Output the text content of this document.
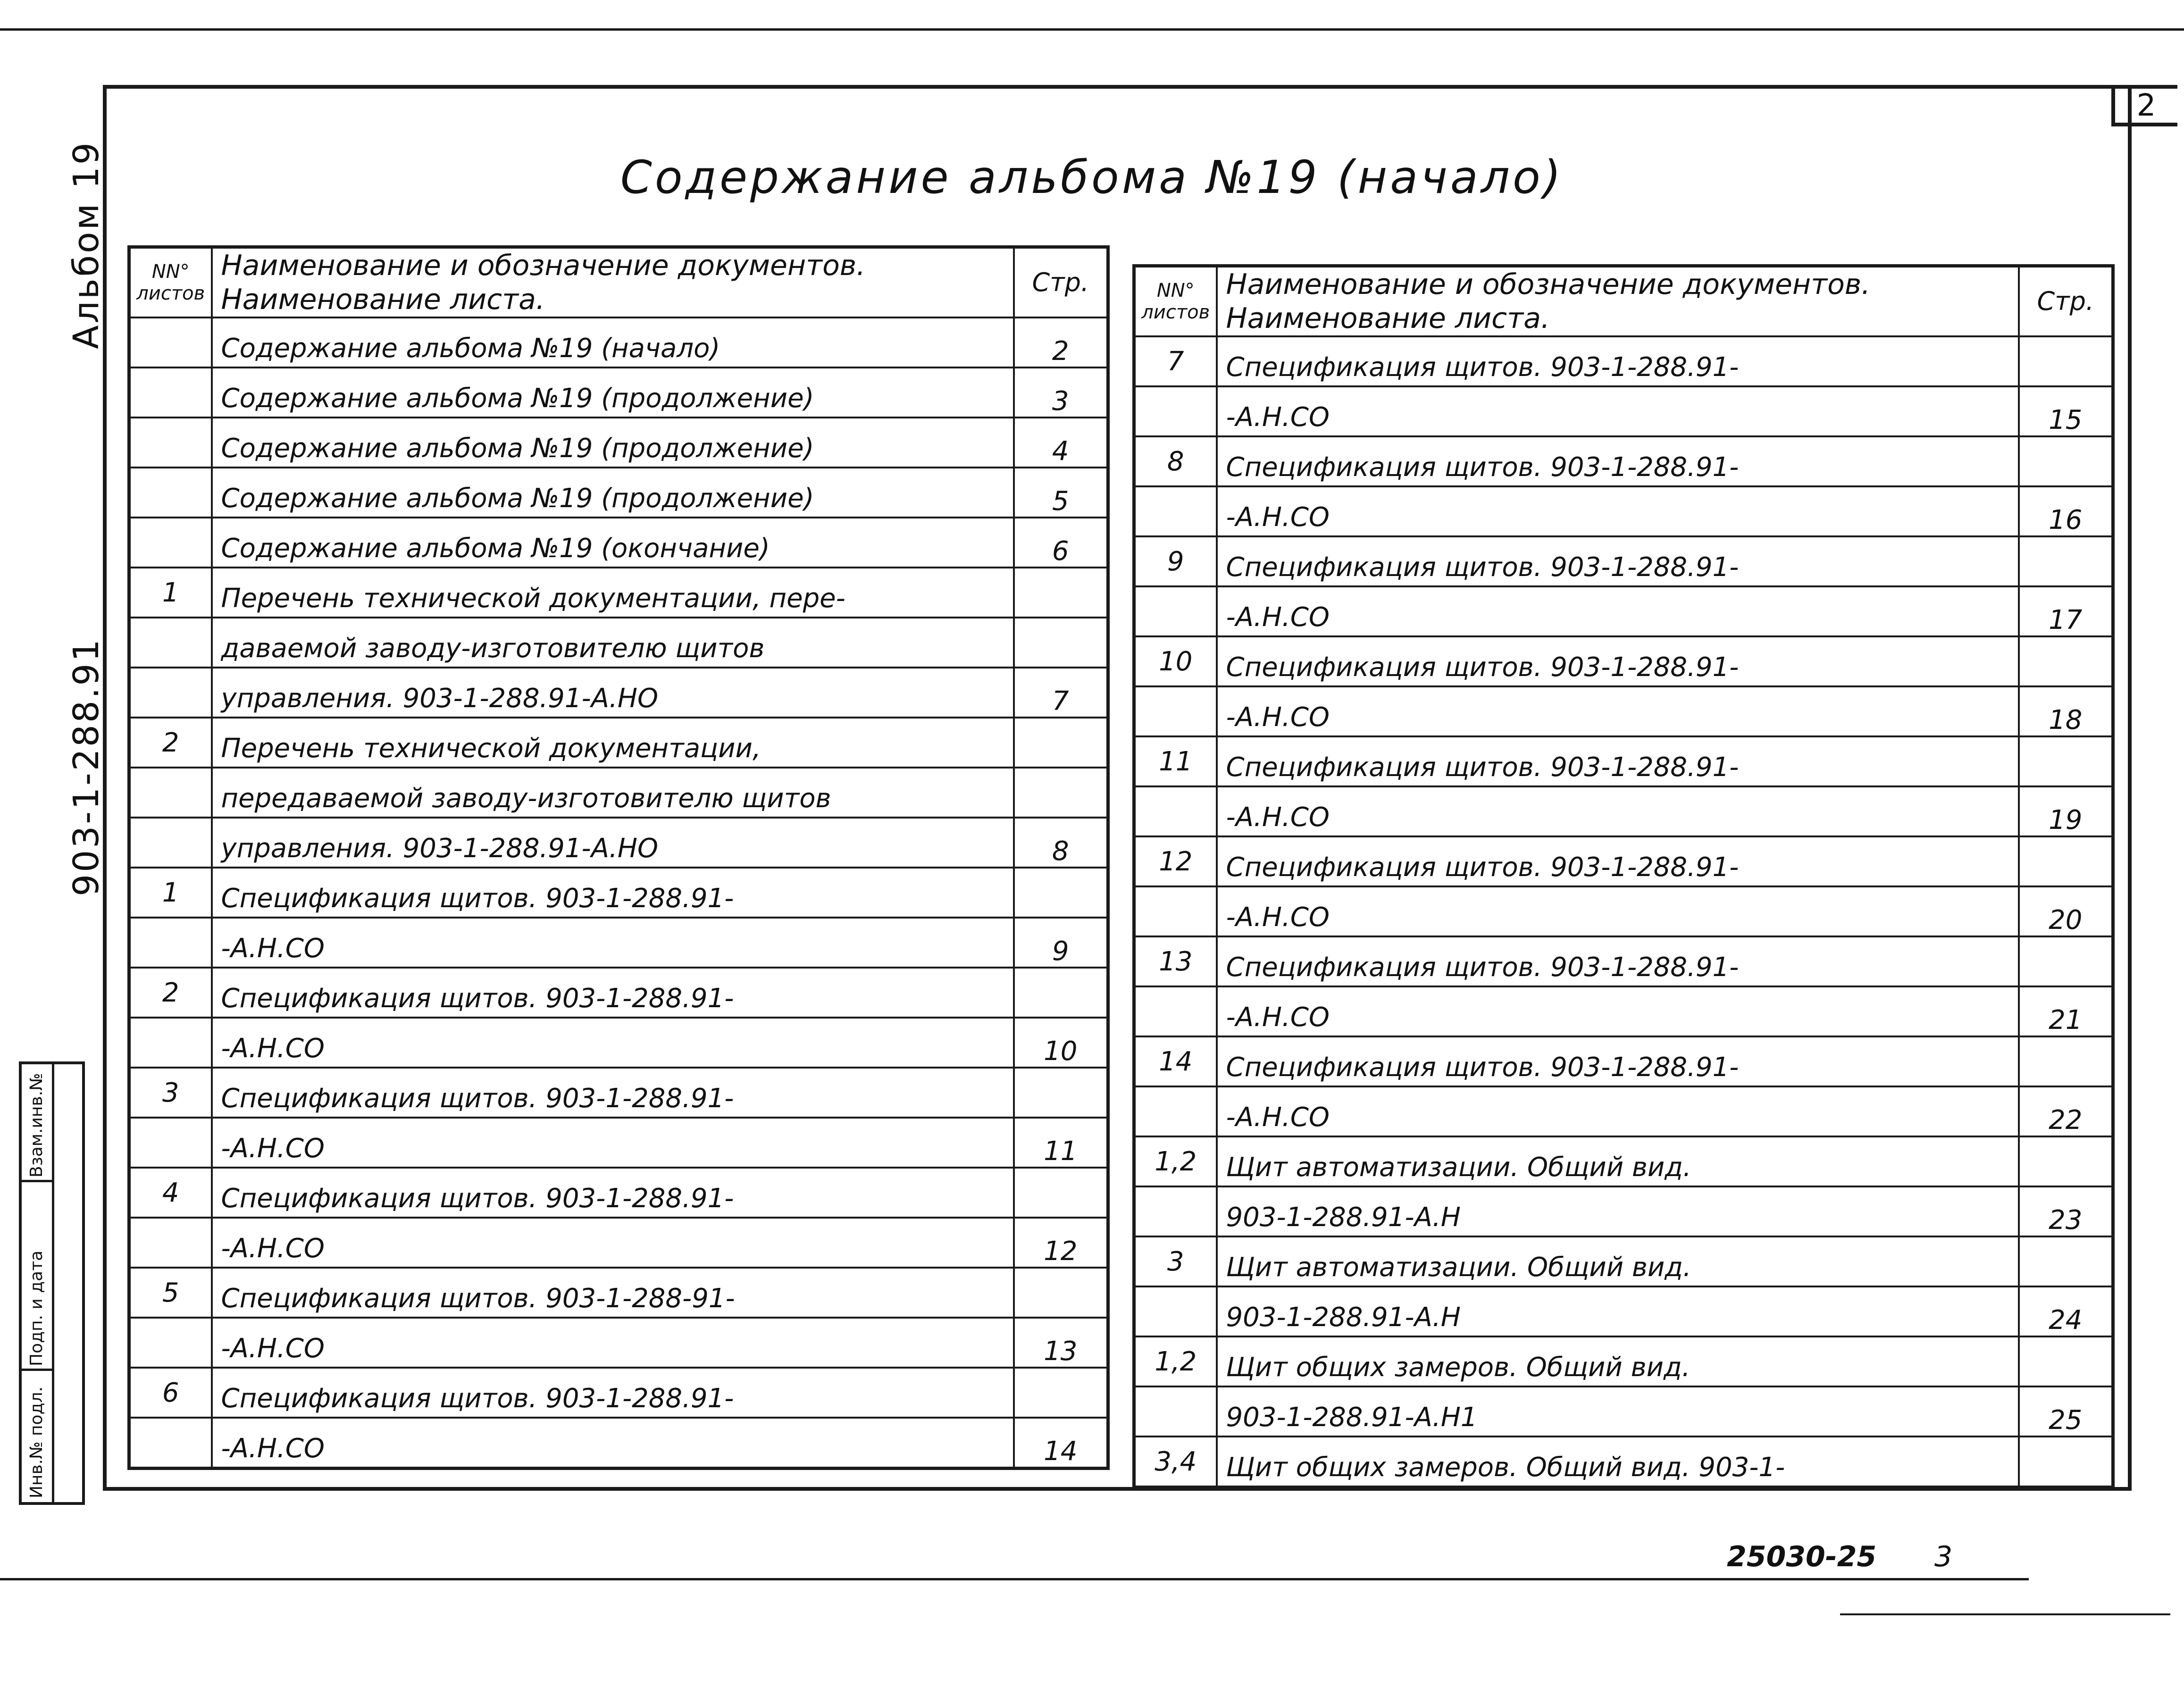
2
Содержание альбома №19 (начало)
Альбом 19
903-1-288.91
Взам.инв.№
Подп. и дата
Инв.№ подл.
NN° листов	Наименование и обозначение документов.
Наименование листа.	Стр.
	Содержание альбома №19 (начало)	2
	Содержание альбома №19 (продолжение)	3
	Содержание альбома №19 (продолжение)	4
	Содержание альбома №19 (продолжение)	5
	Содержание альбома №19 (окончание)	6
1	Перечень технической документации, пере-	
	даваемой заводу-изготовителю щитов	
	управления. 903-1-288.91-А.НО	7
2	Перечень технической документации,	
	передаваемой заводу-изготовителю щитов	
	управления. 903-1-288.91-А.НО	8
1	Спецификация щитов. 903-1-288.91-	
	-А.Н.СО	9
2	Спецификация щитов. 903-1-288.91-	
	-А.Н.СО	10
3	Спецификация щитов. 903-1-288.91-	
	-А.Н.СО	11
4	Спецификация щитов. 903-1-288.91-	
	-А.Н.СО	12
5	Спецификация щитов. 903-1-288-91-	
	-А.Н.СО	13
6	Спецификация щитов. 903-1-288.91-	
	-А.Н.СО	14
NN° листов	Наименование и обозначение документов.
Наименование листа.	Стр.
7	Спецификация щитов. 903-1-288.91-	
	-А.Н.СО	15
8	Спецификация щитов. 903-1-288.91-	
	-А.Н.СО	16
9	Спецификация щитов. 903-1-288.91-	
	-А.Н.СО	17
10	Спецификация щитов. 903-1-288.91-	
	-А.Н.СО	18
11	Спецификация щитов. 903-1-288.91-	
	-А.Н.СО	19
12	Спецификация щитов. 903-1-288.91-	
	-А.Н.СО	20
13	Спецификация щитов. 903-1-288.91-	
	-А.Н.СО	21
14	Спецификация щитов. 903-1-288.91-	
	-А.Н.СО	22
1,2	Щит автоматизации. Общий вид.	
	903-1-288.91-А.Н	23
3	Щит автоматизации. Общий вид.	
	903-1-288.91-А.Н	24
1,2	Щит общих замеров. Общий вид.	
	903-1-288.91-А.Н1	25
3,4	Щит общих замеров. Общий вид. 903-1-	
25030-25 3
